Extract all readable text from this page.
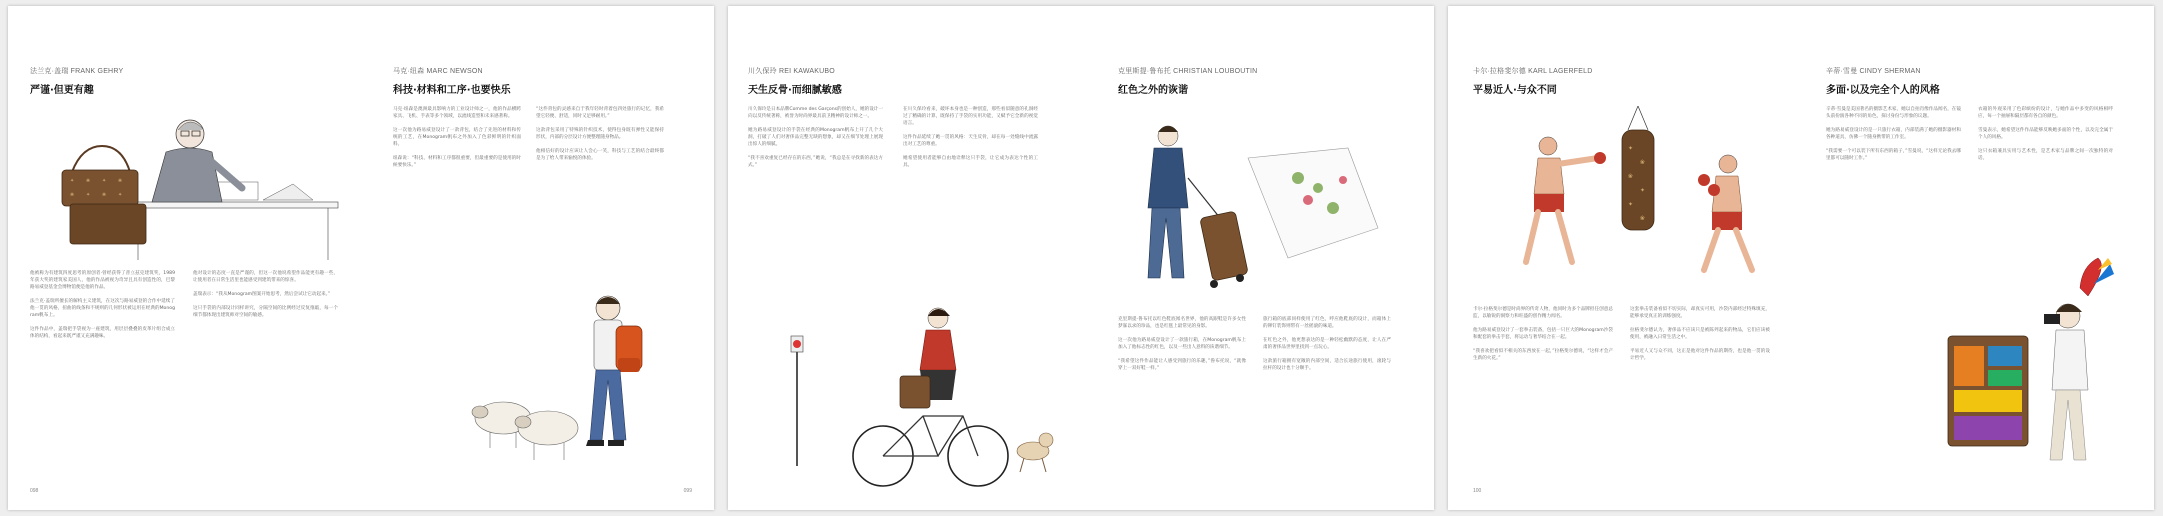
法兰克·盖瑞 FRANK GEHRY
严谨·但更有趣
✦ ❀ ✦ ❀
❀ ✦ ❀ ✦

他被称为有建筑四度思考的原创者·曾经获得了普立兹克建筑奖，1989年获大奖的建筑家美国人，他的作品被视为奇异且具有创造性的，巴黎路易威登基金会博物馆便是他的作品。

法兰克·盖瑞所擅长的解构主义建筑，在这次与路易威登的合作中延续了他一贯的风格，扭曲的线条和不规则的几何形状被运用在经典的Monogram帆布上。

这件作品中，盖瑞把手袋视为一座建筑，用层层叠叠的皮革片组合成立体的结构，看起来既严谨又充满趣味。

他对设计的态度一直是严谨的，但这一次他说希望作品能更有趣一些，让使用者在日常生活里也能感受到建筑带来的惊喜。

盖瑞表示：“我从Monogram图案开始思考，然后尝试让它动起来。”

这只手袋的内部设计同样讲究，分隔空间的比例经过反复推敲，每一个细节都体现出建筑师对空间的敏感。

098
马克·纽森 MARC NEWSON
科技·材料和工序·也要快乐

马克·纽森是澳洲最具影响力的工业设计师之一，他的作品横跨家具、飞机、手表等多个领域，以流线造型和未来感著称。

这一次他为路易威登设计了一款背包，结合了先进的材料和传统的工艺，在Monogram帆布之外加入了色彩鲜明的针织面料。

纽森说：“科技、材料和工序都很重要，但最重要的是使用的时候要快乐。”

“这件背包的灵感来自于我年轻时背着包四处旅行的记忆，我希望它轻便、舒适，同时又足够耐用。”

这款背包采用了特殊的针织技术，使得包身既有弹性又能保持形状，内部的分层设计方便整理随身物品。

他相信好的设计应该让人会心一笑，科技与工艺的结合最终都是为了给人带来愉悦的体验。

099
川久保玲 REI KAWAKUBO
天生反骨·而细腻敏感

川久保玲是日本品牌Comme des Garçons的创始人，她的设计一向以反传统著称，被誉为时尚界最具前卫精神的设计师之一。

她为路易威登设计的手袋在经典的Monogram帆布上开了几个大洞，打破了人们对奢侈品完整无缺的想象，却又在细节处理上展现出惊人的细腻。

“我不喜欢重复已经存在的东西，”她说，“我总是在寻找新的表达方式。”

在川久保玲看来，破坏本身也是一种创造，那些看似随意的孔洞经过了精确的计算，既保持了手袋的实用功能，又赋予它全新的视觉语言。

这件作品延续了她一贯的风格：天生反骨，却在每一处缝线中流露出对工艺的尊重。

她希望使用者能够自由地诠释这只手袋，让它成为表达个性的工具。

克里斯提·鲁布托 CHRISTIAN LOUBOUTIN
红色之外的诙谐

克里斯提·鲁布托以红色鞋底闻名世界，他的高跟鞋是许多女性梦寐以求的珍品，也是红毯上最常见的身影。

这一次他为路易威登设计了一款旅行箱，在Monogram帆布上加入了他标志性的红色，以及一些出人意料的诙谐细节。

“我希望这件作品能让人感受到旅行的乐趣，”鲁布托说，“就像穿上一双好鞋一样。”

旅行箱的底部同样使用了红色，呼应他鞋底的设计，而箱体上的铆钉装饰则带有一丝摇滚的味道。

在红色之外，他更想表达的是一种轻松幽默的态度，让人在严肃的奢侈品世界里找到一点玩心。

这款旅行箱拥有宽敞的内部空间，适合长途旅行使用，滚轮与拉杆的设计也十分顺手。

卡尔·拉格斐尔德 KARL LAGERFELD
平易近人·与众不同
✦
❀
❀
✦
✦
❀

卡尔·拉格斐尔德是时尚界的传奇人物，他同时为多个品牌担任创意总监，以敏锐的洞察力和旺盛的创作精力闻名。

他为路易威登设计了一套拳击装备，包括一只巨大的Monogram沙袋和配套的拳击手套，将运动与奢华结合在一起。

“我喜欢把看似不相关的东西放在一起，”拉格斐尔德说，“这样才会产生新的火花。”

这套拳击装备看似不切实际，却真实可用，沙袋内部经过特殊填充，能够承受真正的训练强度。

拉格斐尔德认为，奢侈品不应该只是被陈列起来的物品，它们应该被使用，被融入日常生活之中。

平易近人又与众不同，这正是他对这件作品的期待，也是他一贯的设计哲学。

100
辛蒂·雪曼 CINDY SHERMAN
多面·以及完全个人的风格

辛蒂·雪曼是美国著名的摄影艺术家，她以自拍肖像作品闻名，在镜头前扮演各种不同的角色，探讨身份与形象的议题。

她为路易威登设计的是一只旅行衣箱，内部装满了她的摄影器材和各种道具，仿佛一个随身携带的工作室。

“我需要一个可以装下所有东西的箱子，”雪曼说，“这样无论我去哪里都可以随时工作。”

衣箱的外观采用了色彩缤纷的设计，与她作品中多变的风格相呼应，每一个抽屉和隔层都有各自的颜色。

雪曼表示，她希望这件作品能够反映她多面的个性，以及完全属于个人的风格。

这只衣箱兼具实用与艺术性，是艺术家与品牌之间一次独特的对话。
